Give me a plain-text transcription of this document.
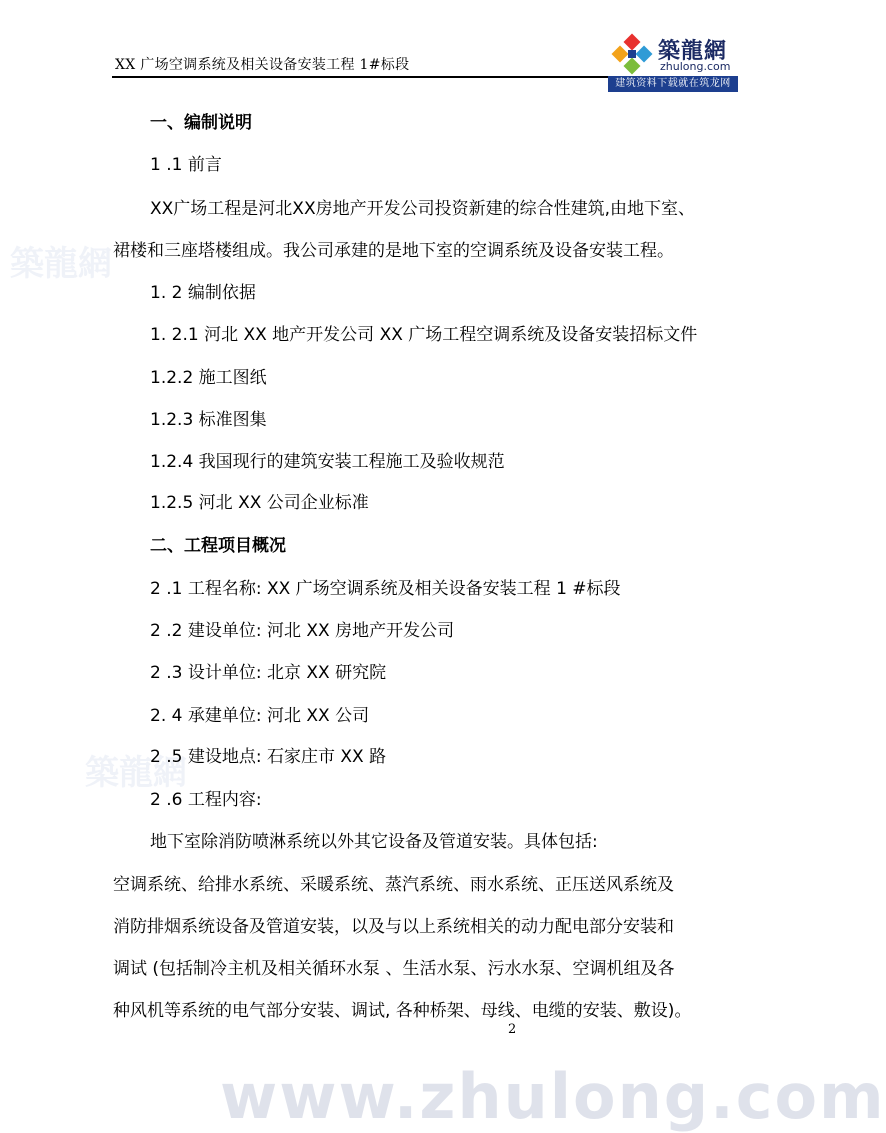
XX 广场空调系统及相关设备安装工程 1#标段
築龍網
zhulong.com
建筑资料下载就在筑龙网
築龍網
築龍網
一、编制说明
1 .1 前言
XX广场工程是河北XX房地产开发公司投资新建的综合性建筑,由地下室、
裙楼和三座塔楼组成。我公司承建的是地下室的空调系统及设备安装工程。
1. 2 编制依据
1. 2.1 河北 XX 地产开发公司 XX 广场工程空调系统及设备安装招标文件
1.2.2 施工图纸
1.2.3 标准图集
1.2.4 我国现行的建筑安装工程施工及验收规范
1.2.5 河北 XX 公司企业标准
二、工程项目概况
2 .1 工程名称: XX 广场空调系统及相关设备安装工程 1 #标段
2 .2 建设单位: 河北 XX 房地产开发公司
2 .3 设计单位: 北京 XX 研究院
2. 4 承建单位: 河北 XX 公司
2 .5 建设地点: 石家庄市 XX 路
2 .6 工程内容:
地下室除消防喷淋系统以外其它设备及管道安装。具体包括:
空调系统、给排水系统、采暖系统、蒸汽系统、雨水系统、正压送风系统及
消防排烟系统设备及管道安装，以及与以上系统相关的动力配电部分安装和
调试 (包括制冷主机及相关循环水泵 、生活水泵、污水水泵、空调机组及各
种风机等系统的电气部分安装、调试, 各种桥架、母线、电缆的安装、敷设)。
2
www.zhulong.com
